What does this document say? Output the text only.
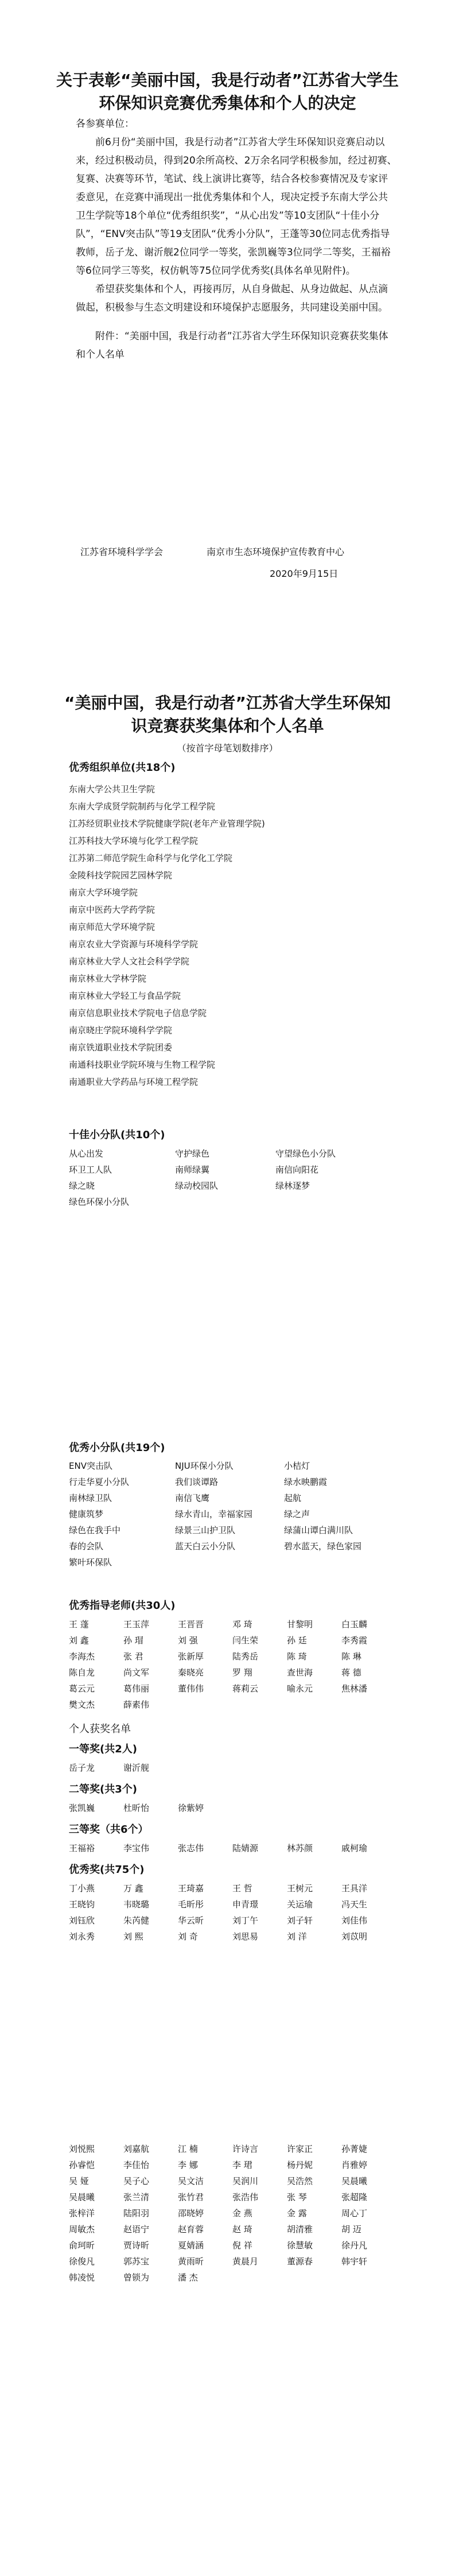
关于表彰“美丽中国，我是行动者”江苏省大学生
环保知识竞赛优秀集体和个人的决定
各参赛单位：

前6月份“美丽中国，我是行动者”江苏省大学生环保知识竞赛启动以来，经过积极动员，得到20余所高校、2万余名同学积极参加，经过初赛、复赛、决赛等环节，笔试、线上演讲比赛等，结合各校参赛情况及专家评委意见，在竞赛中涌现出一批优秀集体和个人，现决定授予东南大学公共卫生学院等18个单位“优秀组织奖”，“从心出发”等10支团队“十佳小分队”，“ENV突击队”等19支团队“优秀小分队”，王蓬等30位同志优秀指导教师，岳子龙、谢沂舰2位同学一等奖，张凯巍等3位同学二等奖，王福裕等6位同学三等奖，权仿帆等75位同学优秀奖(具体名单见附件)。

希望获奖集体和个人，再接再厉，从自身做起、从身边做起、从点滴做起，积极参与生态文明建设和环境保护志愿服务，共同建设美丽中国。

附件：“美丽中国，我是行动者”江苏省大学生环保知识竞赛获奖集体和个人名单

江苏省环境科学学会	南京市生态环境保护宣传教育中心
2020年9月15日
“美丽中国，我是行动者”江苏省大学生环保知
识竞赛获奖集体和个人名单
（按首字母笔划数排序）
优秀组织单位(共18个)
东南大学公共卫生学院
东南大学成贤学院制药与化学工程学院
江苏经贸职业技术学院健康学院(老年产业管理学院)
江苏科技大学环境与化学工程学院
江苏第二师范学院生命科学与化学化工学院
金陵科技学院园艺园林学院
南京大学环境学院
南京中医药大学药学院
南京师范大学环境学院
南京农业大学资源与环境科学学院
南京林业大学人文社会科学学院
南京林业大学林学院
南京林业大学轻工与食品学院
南京信息职业技术学院电子信息学院
南京晓庄学院环境科学学院
南京铁道职业技术学院团委
南通科技职业学院环境与生物工程学院
南通职业大学药品与环境工程学院
十佳小分队(共10个)
从心出发	守护绿色	守望绿色小分队
环卫工人队	南师绿翼	南信向阳花
绿之晓	绿动校园队	绿林逐梦
绿色环保小分队
优秀小分队(共19个)
ENV突击队	NJU环保小分队	小桔灯
行走华夏小分队	我们谈谭路	绿水映鹏霞
南林绿卫队	南信飞鹰	起航
健康筑梦	绿水青山，幸福家园	绿之声
绿色在我手中	绿景三山护卫队	绿蒲山谭白满川队
春的会队	蓝天白云小分队	碧水蓝天，绿色家园
繁叶环保队
优秀指导老师(共30人)
王 蓬	王玉萍	王晋晋	邓 琦	甘黎明	白玉麟
刘 鑫	孙 瑁	刘 强	闫生荣	孙 廷	李秀霞
李海杰	张 君	张新厚	陆秀岳	陈 琦	陈 琳
陈自龙	尚文军	秦晓亮	罗 翔	查世海	蒋 德
葛云元	葛伟丽	董伟伟	蒋莉云	喻永元	焦林潘
樊文杰	薛素伟
个人获奖名单
一等奖(共2人)
岳子龙	谢沂舰
二等奖(共3个)
张凯巍	杜昕怡	徐紫婷
三等奖（共6个）
王福裕	李宝伟	张志伟	陆婧源	林苏颜	戚柯瑜
优秀奖(共75个)
丁小燕	万 鑫	王琦嘉	王 哲	王树元	王具洋
王晓钧	韦晓璐	毛昕彤	申青璟	关运瑜	冯天生
刘钰欣	朱芮健	华云昕	刘丁午	刘子轩	刘佳伟
刘永秀	刘 熙	刘 奇	刘思易	刘 洋	刘苡明
刘悦熙	刘嘉航	江 楠	许诗言	许家正	孙菁婕
孙睿恺	李佳怡	李 娜	李 珺	杨丹妮	肖雅婷
吴 娅	吴子心	吴文洁	吴润川	吴浩然	吴晨曦
吴晨曦	张兰清	张竹君	张浩伟	张 琴	张超隆
张梓洋	陆阳羽	邵晓婷	金 燕	金 露	周心丁
周敏杰	赵语宁	赵育蓉	赵 琦	胡清雅	胡 迈
俞珂昕	贾诗昕	夏婧涵	倪 祥	徐慧敏	徐丹凡
徐俊凡	郭苏宝	黄雨昕	黄晨月	董源春	韩宇轩
韩凌悦	曾锁为	潘 杰
